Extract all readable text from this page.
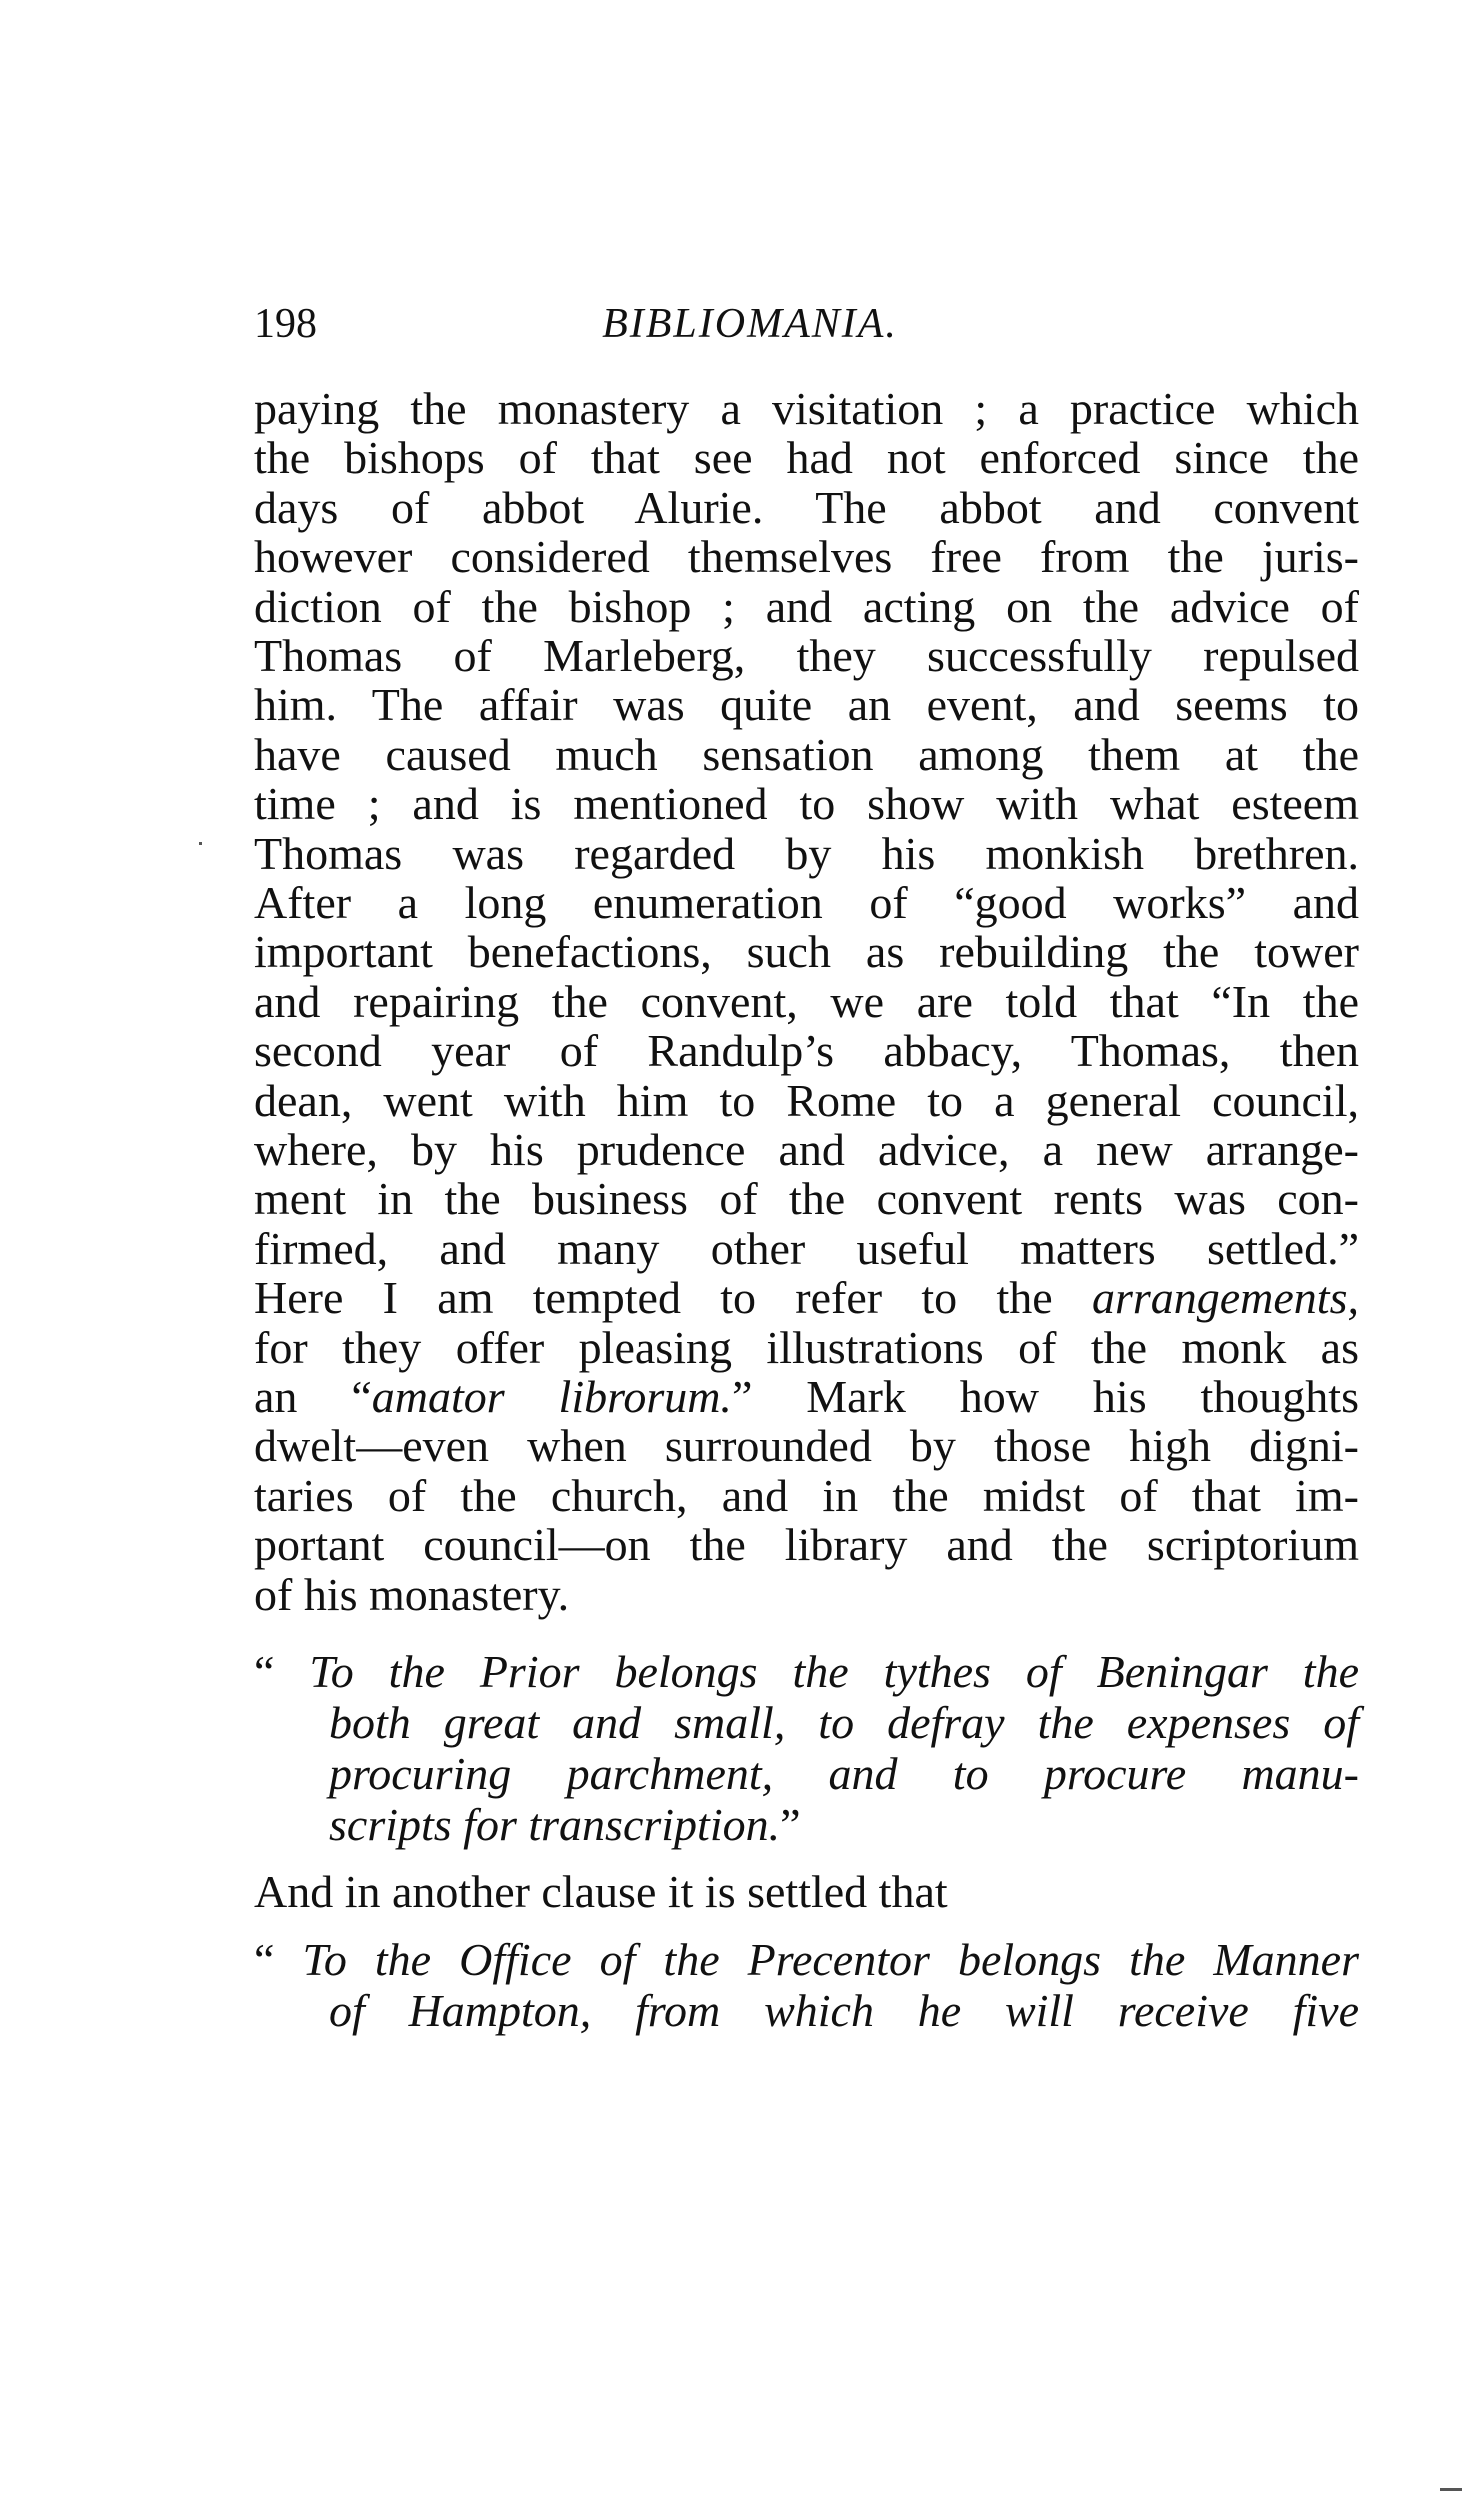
198	BIBLIOMANIA.
paying the monastery a visitation ; a practice which
the bishops of that see had not enforced since the
days of abbot Alurie. The abbot and convent
however considered themselves free from the juris-
diction of the bishop ; and acting on the advice of
Thomas of Marleberg, they successfully repulsed
him. The affair was quite an event, and seems to
have caused much sensation among them at the
time ; and is mentioned to show with what esteem
Thomas was regarded by his monkish brethren.
After a long enumeration of “good works” and
important benefactions, such as rebuilding the tower
and repairing the convent, we are told that “In the
second year of Randulp’s abbacy, Thomas, then
dean, went with him to Rome to a general council,
where, by his prudence and advice, a new arrange-
ment in the business of the convent rents was con-
firmed, and many other useful matters settled.”
Here I am tempted to refer to the arrangements,
for they offer pleasing illustrations of the monk as
an “amator librorum.” Mark how his thoughts
dwelt—even when surrounded by those high digni-
taries of the church, and in the midst of that im-
portant council—on the library and the scriptorium
of his monastery.
“ To the Prior belongs the tythes of Beningar the
both great and small, to defray the expenses of
procuring parchment, and to procure manu-
scripts for transcription.”
And in another clause it is settled that
“ To the Office of the Precentor belongs the Manner
of Hampton, from which he will receive five
